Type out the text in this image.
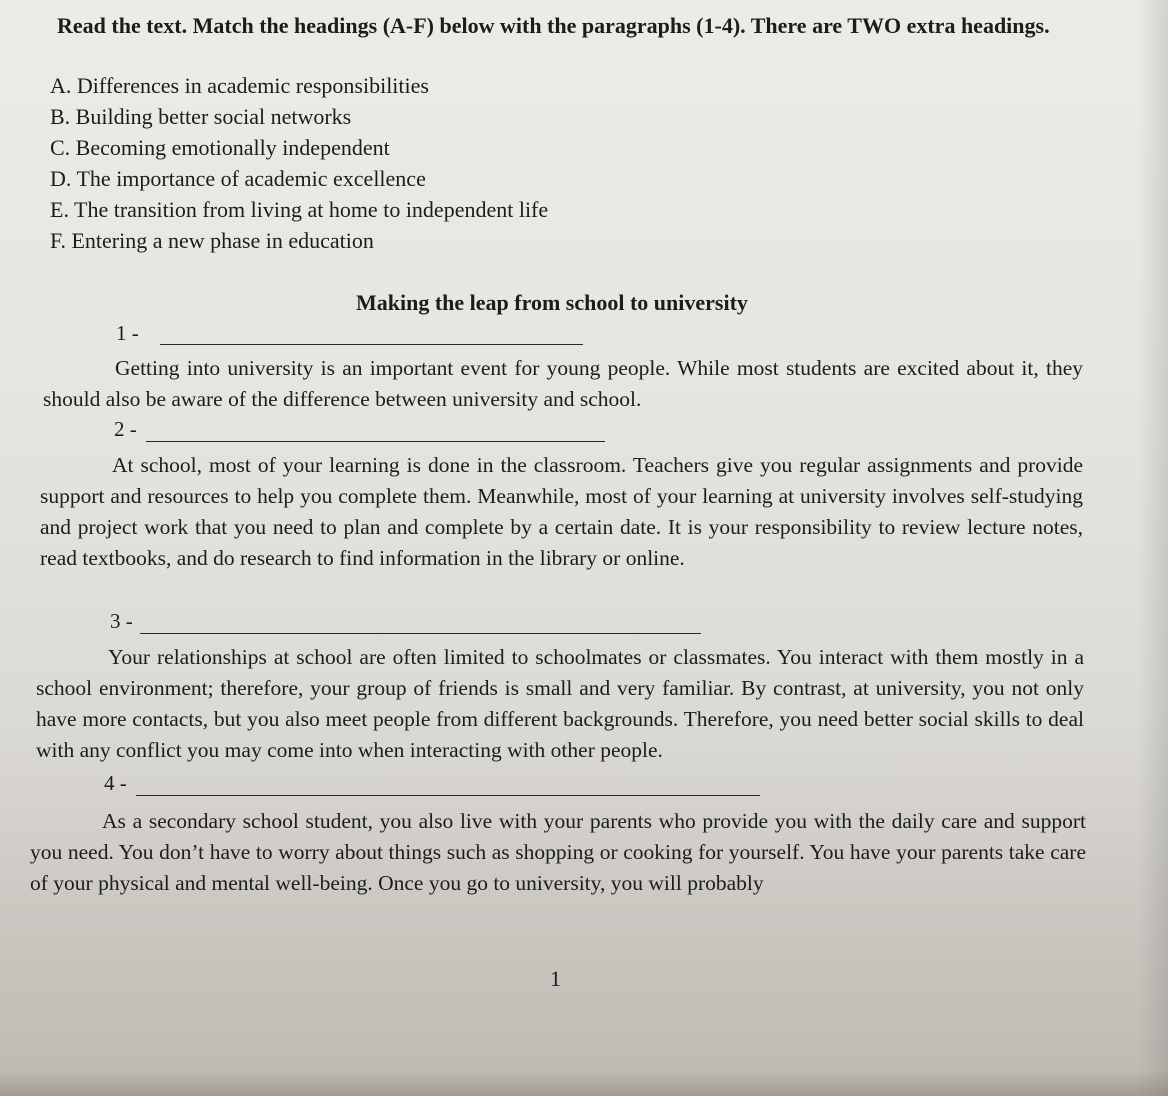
Read the text. Match the headings (A-F) below with the paragraphs (1-4). There are TWO extra headings.
A. Differences in academic responsibilities
B. Building better social networks
C. Becoming emotionally independent
D. The importance of academic excellence
E. The transition from living at home to independent life
F. Entering a new phase in education
Making the leap from school to university
1 -

Getting into university is an important event for young people. While most students are excited about it, they should also be aware of the difference between university and school.

2 -

At school, most of your learning is done in the classroom. Teachers give you regular assignments and provide support and resources to help you complete them. Meanwhile, most of your learning at university involves self-studying and project work that you need to plan and complete by a certain date. It is your responsibility to review lecture notes, read textbooks, and do research to find information in the library or online.

3 -

Your relationships at school are often limited to schoolmates or classmates. You interact with them mostly in a school environment; therefore, your group of friends is small and very familiar. By contrast, at university, you not only have more contacts, but you also meet people from different backgrounds. Therefore, you need better social skills to deal with any conflict you may come into when interacting with other people.

4 -

As a secondary school student, you also live with your parents who provide you with the daily care and support you need. You don’t have to worry about things such as shopping or cooking for yourself. You have your parents take care of your physical and mental well-being. Once you go to university, you will probably

1
